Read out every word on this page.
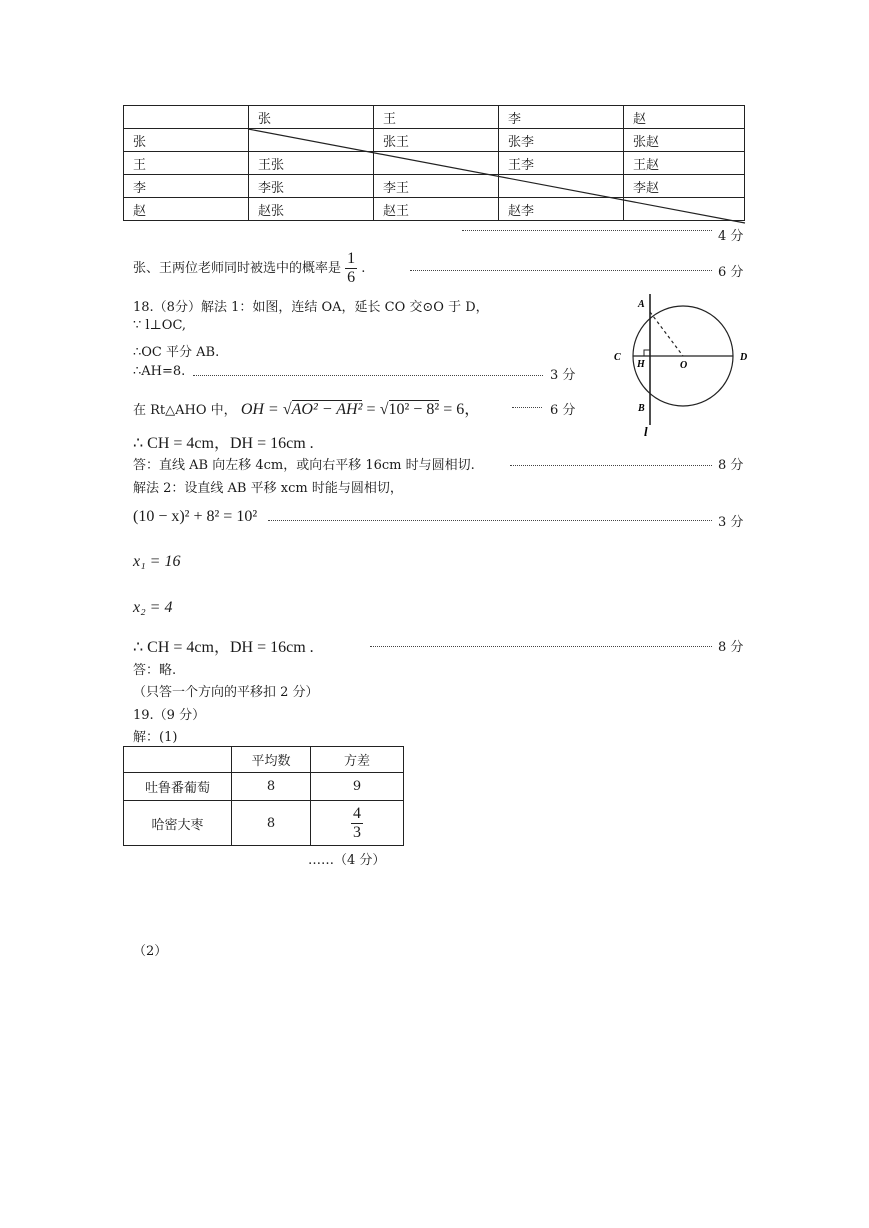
	张	王	李	赵
张		张王	张李	张赵
王	王张		王李	王赵
李	李张	李王		李赵
赵	赵张	赵王	赵李	
4 分
张、王两位老师同时被选中的概率是 $\frac{1}{6}$ .	6 分
18.（8分）解法 1：如图，连结 OA，延长 CO 交⊙O 于 D，
∵ l⊥OC,
∴OC 平分 AB.
∴AH=8.	3 分
在 Rt△AHO 中， OH = √AO² − AH² = √10² − 8² = 6，	6 分
∴ CH = 4cm，DH = 16cm .
答：直线 AB 向左移 4cm，或向右平移 16cm 时与圆相切.	8 分
解法 2：设直线 AB 平移 xcm 时能与圆相切，
(10 − x)² + 8² = 10²	3 分
x₁ = 16
x₂ = 4
∴ CH = 4cm，DH = 16cm .	8 分
答：略.
（只答一个方向的平移扣 2 分）
A
B
C	D
H	O
l
19.（9 分）
解：(1)
	平均数	方差
吐鲁番葡萄	8	9
哈密大枣	8	$\frac{4}{3}$
……（4 分）
（2）
